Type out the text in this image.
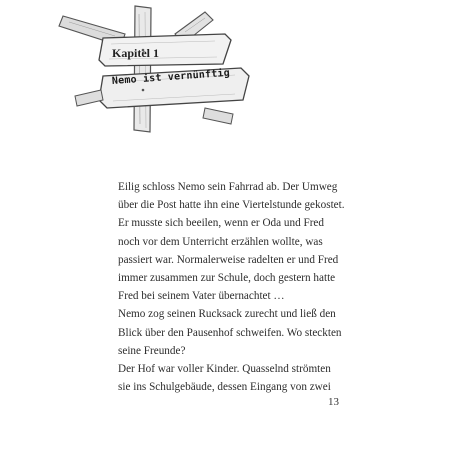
Kapitel 1
Nemo ist vernünftig
Eilig schloss Nemo sein Fahrrad ab. Der Umweg
über die Post hatte ihn eine Viertelstunde gekostet.
Er musste sich beeilen, wenn er Oda und Fred
noch vor dem Unterricht erzählen wollte, was
passiert war. Normalerweise radelten er und Fred
immer zusammen zur Schule, doch gestern hatte
Fred bei seinem Vater übernachtet …
Nemo zog seinen Rucksack zurecht und ließ den
Blick über den Pausenhof schweifen. Wo steckten
seine Freunde?
Der Hof war voller Kinder. Quasselnd strömten
sie ins Schulgebäude, dessen Eingang von zwei
13
